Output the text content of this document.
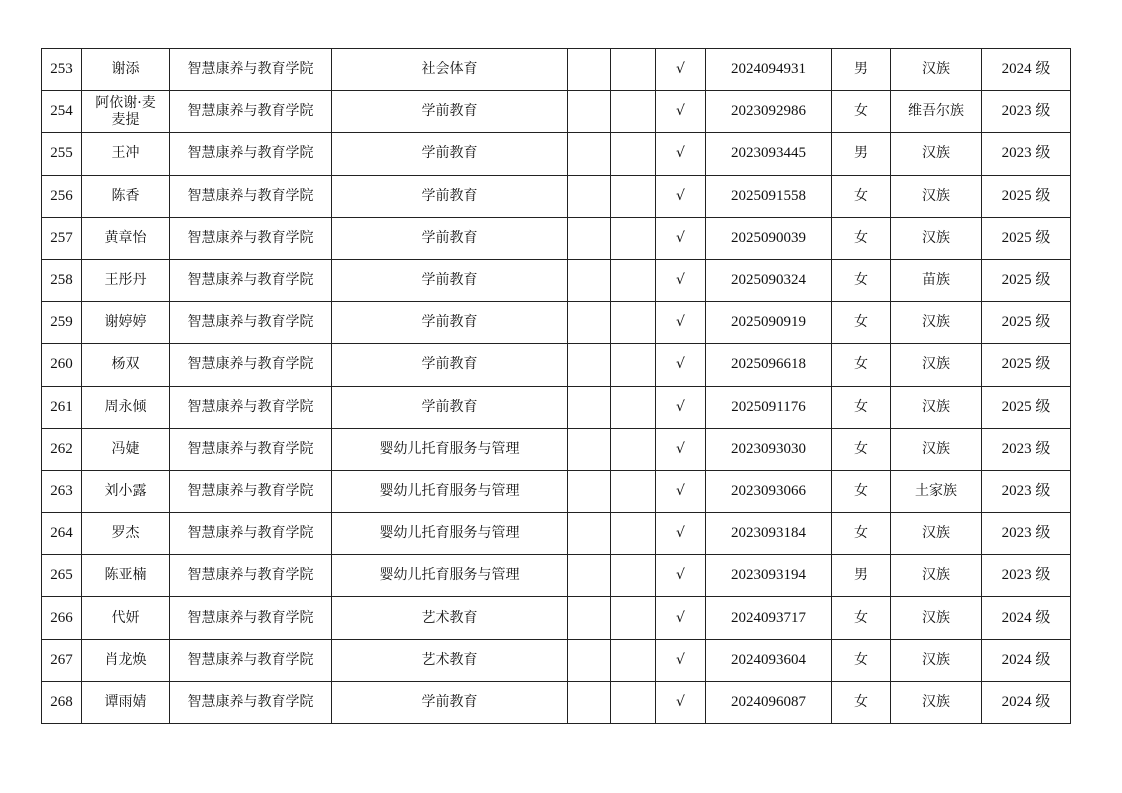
253	谢添	智慧康养与教育学院	社会体育			√	2024094931	男	汉族	2024 级
254	阿依谢·麦麦提	智慧康养与教育学院	学前教育			√	2023092986	女	维吾尔族	2023 级
255	王冲	智慧康养与教育学院	学前教育			√	2023093445	男	汉族	2023 级
256	陈香	智慧康养与教育学院	学前教育			√	2025091558	女	汉族	2025 级
257	黄章怡	智慧康养与教育学院	学前教育			√	2025090039	女	汉族	2025 级
258	王彤丹	智慧康养与教育学院	学前教育			√	2025090324	女	苗族	2025 级
259	谢婷婷	智慧康养与教育学院	学前教育			√	2025090919	女	汉族	2025 级
260	杨双	智慧康养与教育学院	学前教育			√	2025096618	女	汉族	2025 级
261	周永倾	智慧康养与教育学院	学前教育			√	2025091176	女	汉族	2025 级
262	冯婕	智慧康养与教育学院	婴幼儿托育服务与管理			√	2023093030	女	汉族	2023 级
263	刘小露	智慧康养与教育学院	婴幼儿托育服务与管理			√	2023093066	女	土家族	2023 级
264	罗杰	智慧康养与教育学院	婴幼儿托育服务与管理			√	2023093184	女	汉族	2023 级
265	陈亚楠	智慧康养与教育学院	婴幼儿托育服务与管理			√	2023093194	男	汉族	2023 级
266	代妍	智慧康养与教育学院	艺术教育			√	2024093717	女	汉族	2024 级
267	肖龙焕	智慧康养与教育学院	艺术教育			√	2024093604	女	汉族	2024 级
268	谭雨婧	智慧康养与教育学院	学前教育			√	2024096087	女	汉族	2024 级
